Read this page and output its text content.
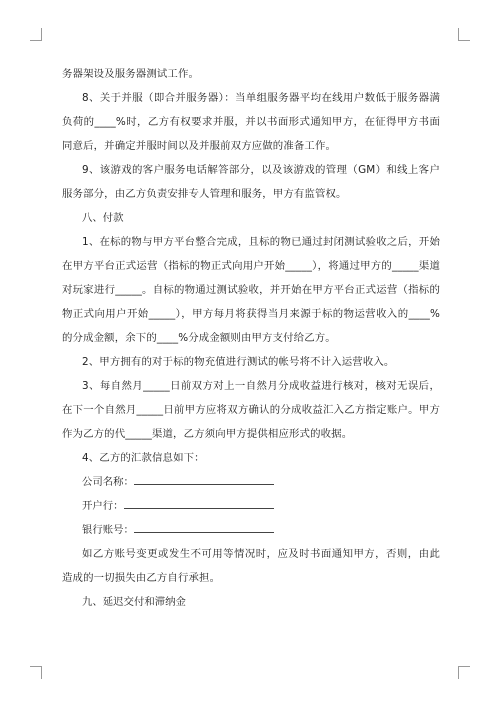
务器架设及服务器测试工作。

8、关于并服（即合并服务器）：当单组服务器平均在线用户数低于服务器满负荷的____%时，乙方有权要求并服，并以书面形式通知甲方，在征得甲方书面同意后，并确定并服时间以及并服前双方应做的准备工作。

9、该游戏的客户服务电话解答部分，以及该游戏的管理（GM）和线上客户服务部分，由乙方负责安排专人管理和服务，甲方有监管权。

八、付款

1、在标的物与甲方平台整合完成，且标的物已通过封闭测试验收之后，开始在甲方平台正式运营（指标的物正式向用户开始_____），将通过甲方的_____渠道对玩家进行_____。自标的物通过测试验收，并开始在甲方平台正式运营（指标的物正式向用户开始_____），甲方每月将获得当月来源于标的物运营收入的____%的分成金额，余下的____%分成金额则由甲方支付给乙方。

2、甲方拥有的对于标的物充值进行测试的帐号将不计入运营收入。

3、每自然月_____日前双方对上一自然月分成收益进行核对，核对无误后，在下一个自然月_____日前甲方应将双方确认的分成收益汇入乙方指定账户。甲方作为乙方的代_____渠道，乙方须向甲方提供相应形式的收据。

4、乙方的汇款信息如下：

公司名称：

开户行：

银行账号：

如乙方账号变更或发生不可用等情况时，应及时书面通知甲方，否则，由此造成的一切损失由乙方自行承担。

九、延迟交付和滞纳金
